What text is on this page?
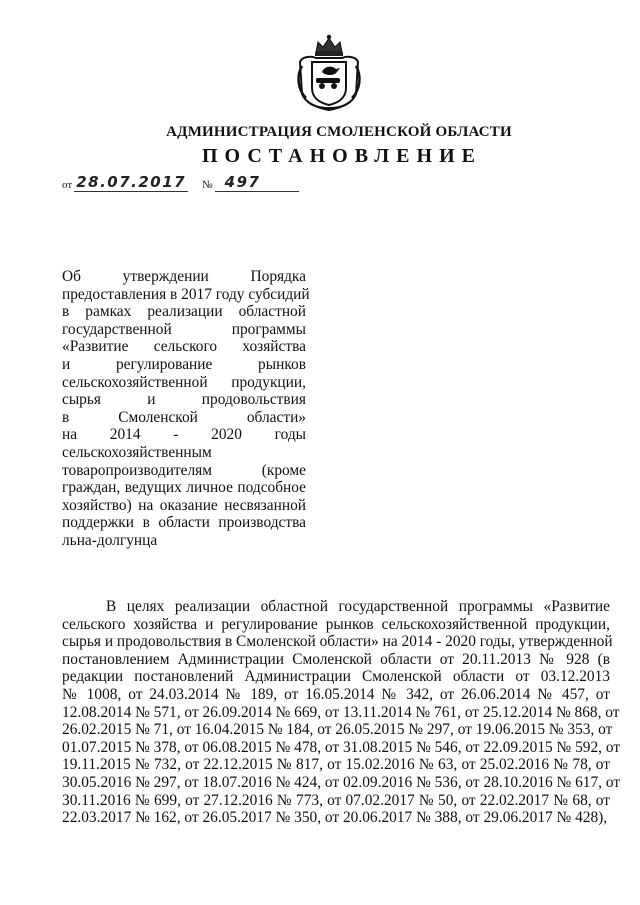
АДМИНИСТРАЦИЯ СМОЛЕНСКОЙ ОБЛАСТИ
ПОСТАНОВЛЕНИЕ
от 28.07.2017 № 497
Об утверждении Порядка
предоставления в 2017 году субсидий
в рамках реализации областной
государственной программы
«Развитие сельского хозяйства
и регулирование рынков
сельскохозяйственной продукции,
сырья и продовольствия
в Смоленской области»
на 2014 - 2020 годы
сельскохозяйственным
товаропроизводителям (кроме
граждан, ведущих личное подсобное
хозяйство) на оказание несвязанной
поддержки в области производства
льна-долгунца
В целях реализации областной государственной программы «Развитие
сельского хозяйства и регулирование рынков сельскохозяйственной продукции,
сырья и продовольствия в Смоленской области» на 2014 - 2020 годы, утвержденной
постановлением Администрации Смоленской области от 20.11.2013 № 928 (в
редакции постановлений Администрации Смоленской области от 03.12.2013
№ 1008, от 24.03.2014 № 189, от 16.05.2014 № 342, от 26.06.2014 № 457, от
12.08.2014 № 571, от 26.09.2014 № 669, от 13.11.2014 № 761, от 25.12.2014 № 868, от
26.02.2015 № 71, от 16.04.2015 № 184, от 26.05.2015 № 297, от 19.06.2015 № 353, от
01.07.2015 № 378, от 06.08.2015 № 478, от 31.08.2015 № 546, от 22.09.2015 № 592, от
19.11.2015 № 732, от 22.12.2015 № 817, от 15.02.2016 № 63, от 25.02.2016 № 78, от
30.05.2016 № 297, от 18.07.2016 № 424, от 02.09.2016 № 536, от 28.10.2016 № 617, от
30.11.2016 № 699, от 27.12.2016 № 773, от 07.02.2017 № 50, от 22.02.2017 № 68, от
22.03.2017 № 162, от 26.05.2017 № 350, от 20.06.2017 № 388, от 29.06.2017 № 428),
